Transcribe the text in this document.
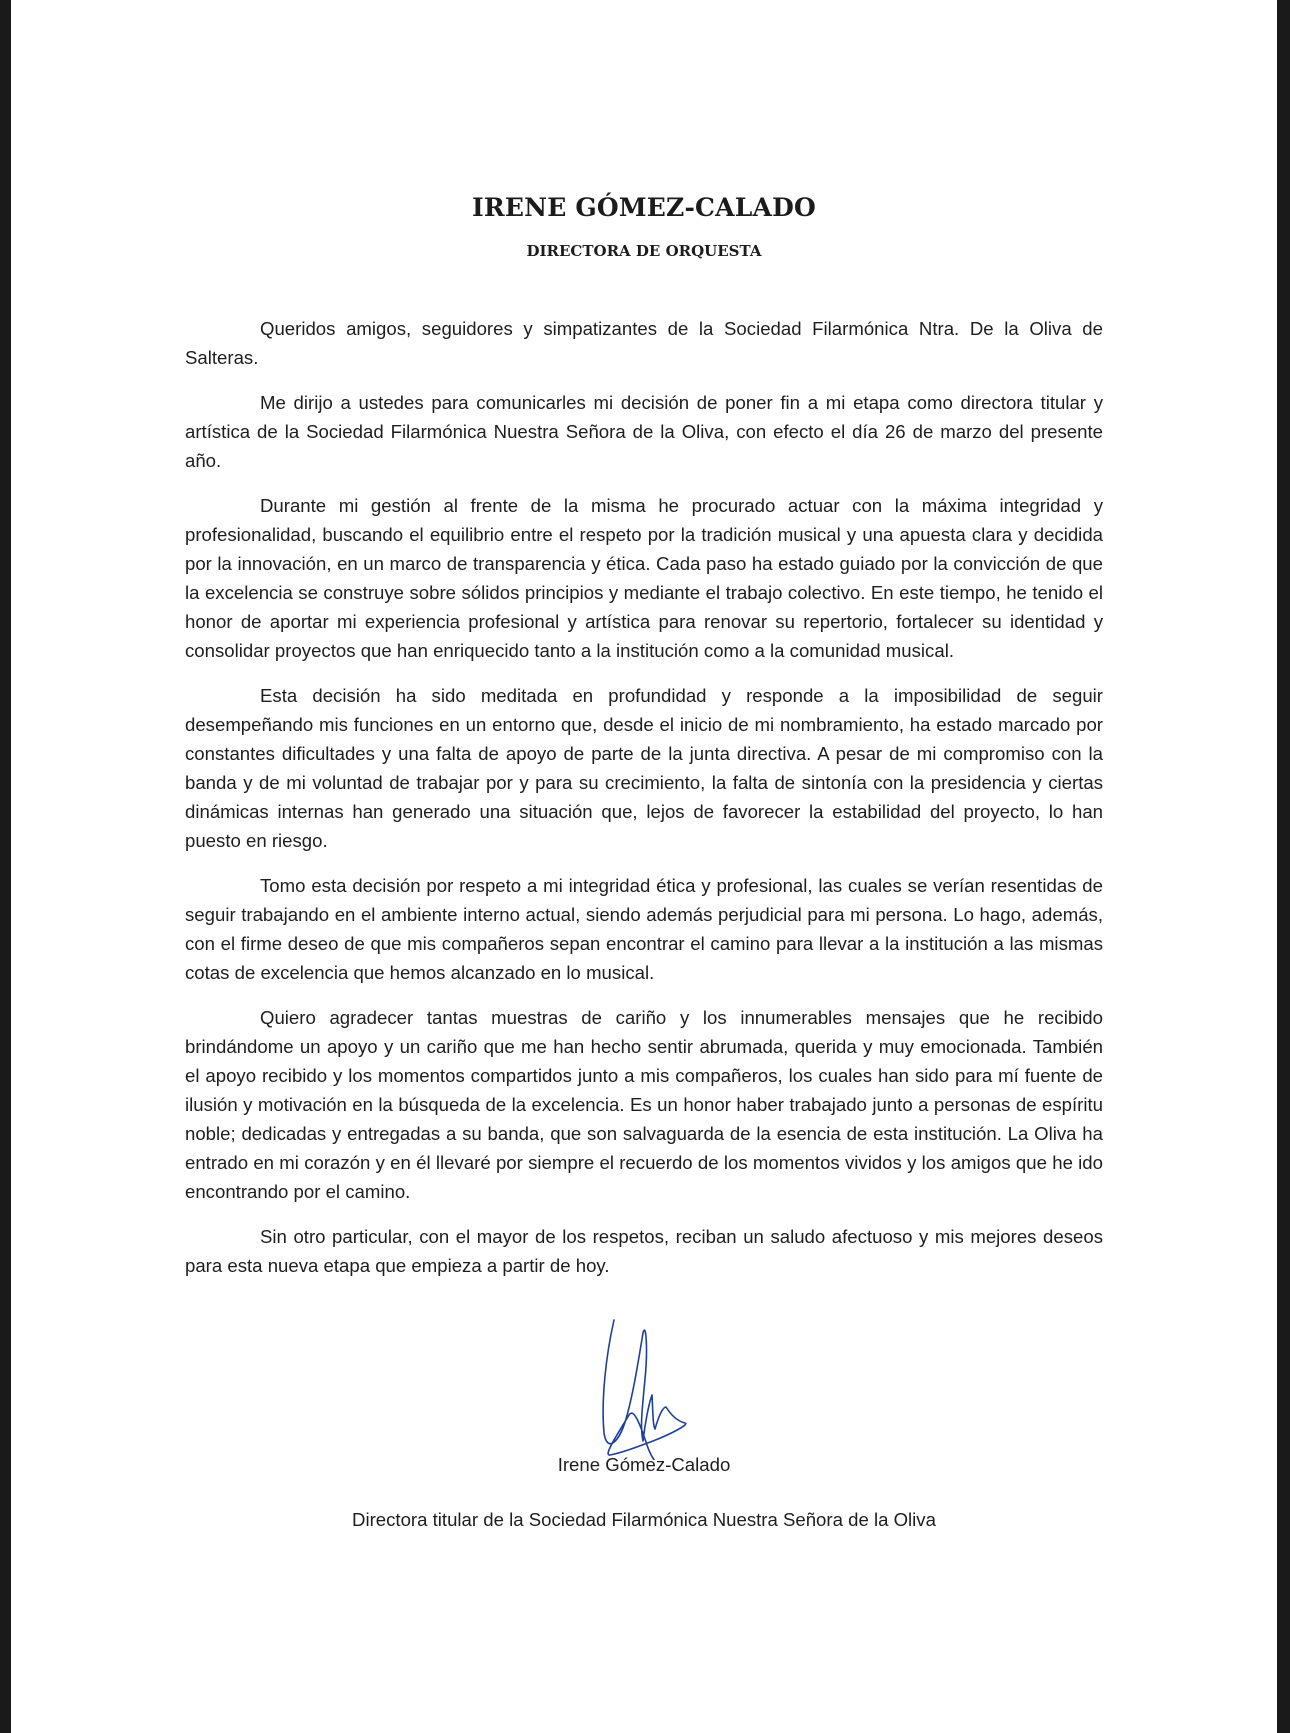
IRENE GÓMEZ-CALADO
DIRECTORA DE ORQUESTA

Queridos amigos, seguidores y simpatizantes de la Sociedad Filarmónica Ntra. De la Oliva de Salteras.

Me dirijo a ustedes para comunicarles mi decisión de poner fin a mi etapa como directora titular y artística de la Sociedad Filarmónica Nuestra Señora de la Oliva, con efecto el día 26 de marzo del presente año.

Durante mi gestión al frente de la misma he procurado actuar con la máxima integridad y profesionalidad, buscando el equilibrio entre el respeto por la tradición musical y una apuesta clara y decidida por la innovación, en un marco de transparencia y ética. Cada paso ha estado guiado por la convicción de que la excelencia se construye sobre sólidos principios y mediante el trabajo colectivo. En este tiempo, he tenido el honor de aportar mi experiencia profesional y artística para renovar su repertorio, fortalecer su identidad y consolidar proyectos que han enriquecido tanto a la institución como a la comunidad musical.

Esta decisión ha sido meditada en profundidad y responde a la imposibilidad de seguir desempeñando mis funciones en un entorno que, desde el inicio de mi nombramiento, ha estado marcado por constantes dificultades y una falta de apoyo de parte de la junta directiva. A pesar de mi compromiso con la banda y de mi voluntad de trabajar por y para su crecimiento, la falta de sintonía con la presidencia y ciertas dinámicas internas han generado una situación que, lejos de favorecer la estabilidad del proyecto, lo han puesto en riesgo.

Tomo esta decisión por respeto a mi integridad ética y profesional, las cuales se verían resentidas de seguir trabajando en el ambiente interno actual, siendo además perjudicial para mi persona. Lo hago, además, con el firme deseo de que mis compañeros sepan encontrar el camino para llevar a la institución a las mismas cotas de excelencia que hemos alcanzado en lo musical.

Quiero agradecer tantas muestras de cariño y los innumerables mensajes que he recibido brindándome un apoyo y un cariño que me han hecho sentir abrumada, querida y muy emocionada. También el apoyo recibido y los momentos compartidos junto a mis compañeros, los cuales han sido para mí fuente de ilusión y motivación en la búsqueda de la excelencia. Es un honor haber trabajado junto a personas de espíritu noble; dedicadas y entregadas a su banda, que son salvaguarda de la esencia de esta institución. La Oliva ha entrado en mi corazón y en él llevaré por siempre el recuerdo de los momentos vividos y los amigos que he ido encontrando por el camino.

Sin otro particular, con el mayor de los respetos, reciban un saludo afectuoso y mis mejores deseos para esta nueva etapa que empieza a partir de hoy.

Irene Gómez-Calado
Directora titular de la Sociedad Filarmónica Nuestra Señora de la Oliva
